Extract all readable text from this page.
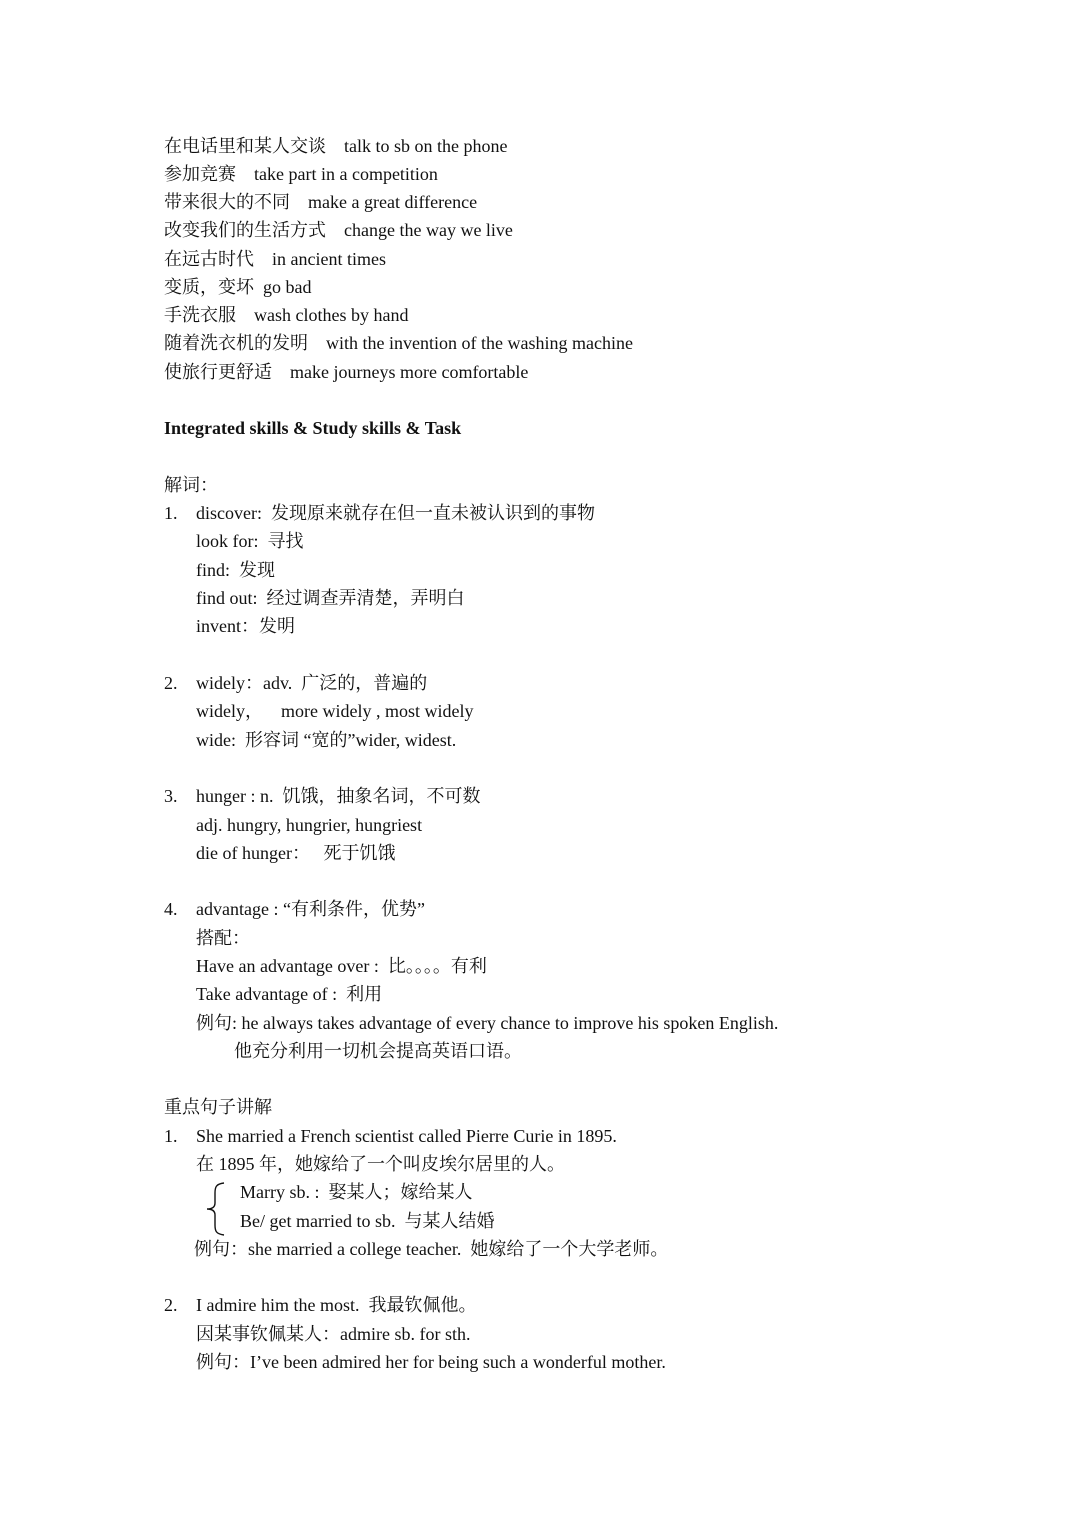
在电话里和某人交谈    talk to sb on the phone
参加竞赛    take part in a competition
带来很大的不同    make a great difference
改变我们的生活方式    change the way we live
在远古时代    in ancient times
变质，变坏  go bad
手洗衣服    wash clothes by hand
随着洗衣机的发明    with the invention of the washing machine
使旅行更舒适    make journeys more comfortable
Integrated skills & Study skills & Task
解词：
1. discover:  发现原来就存在但一直未被认识到的事物
look for:  寻找
find:  发现
find out:  经过调查弄清楚，弄明白
invent：发明
2. widely：adv.  广泛的，普遍的
widely，    more widely , most widely
wide:  形容词 “宽的”wider, widest.
3. hunger : n.  饥饿，抽象名词，不可数
adj. hungry, hungrier, hungriest
die of hunger：   死于饥饿
4. advantage : “有利条件，优势”
搭配：
Have an advantage over :  比。。。。有利
Take advantage of :  利用
例句: he always takes advantage of every chance to improve his spoken English.
他充分利用一切机会提高英语口语。
重点句子讲解
1. She married a French scientist called Pierre Curie in 1895.
在 1895 年，她嫁给了一个叫皮埃尔居里的人。
Marry sb. :  娶某人；嫁给某人
Be/ get married to sb.  与某人结婚
例句：she married a college teacher.  她嫁给了一个大学老师。
2. I admire him the most.  我最钦佩他。
因某事钦佩某人：admire sb. for sth.
例句：I’ve been admired her for being such a wonderful mother.
